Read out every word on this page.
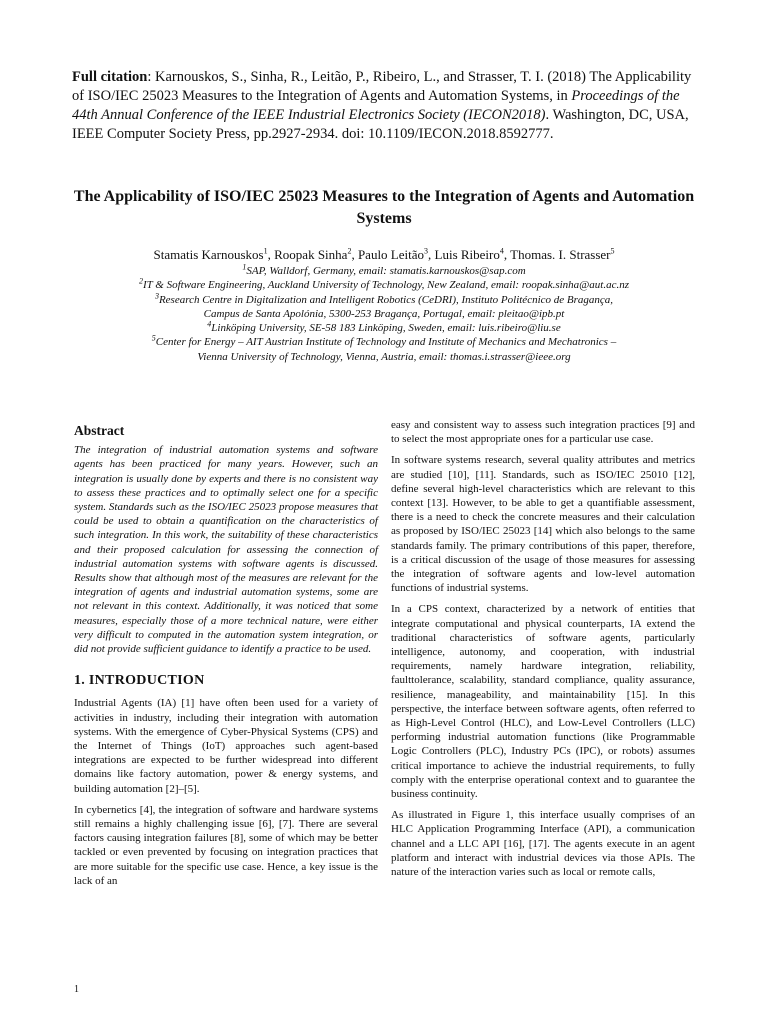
Full citation: Karnouskos, S., Sinha, R., Leitão, P., Ribeiro, L., and Strasser, T. I. (2018) The Applicability of ISO/IEC 25023 Measures to the Integration of Agents and Automation Systems, in Proceedings of the 44th Annual Conference of the IEEE Industrial Electronics Society (IECON2018). Washington, DC, USA, IEEE Computer Society Press, pp.2927-2934. doi: 10.1109/IECON.2018.8592777.
The Applicability of ISO/IEC 25023 Measures to the Integration of Agents and Automation Systems
Stamatis Karnouskos$^1$, Roopak Sinha$^2$, Paulo Leitão$^3$, Luis Ribeiro$^4$, Thomas. I. Strasser$^5$
$^1$SAP, Walldorf, Germany, email: stamatis.karnouskos@sap.com
$^2$IT & Software Engineering, Auckland University of Technology, New Zealand, email: roopak.sinha@aut.ac.nz
$^3$Research Centre in Digitalization and Intelligent Robotics (CeDRI), Instituto Politécnico de Bragança,
Campus de Santa Apolónia, 5300-253 Bragança, Portugal, email: pleitao@ipb.pt
$^4$Linköping University, SE-58 183 Linköping, Sweden, email: luis.ribeiro@liu.se
$^5$Center for Energy – AIT Austrian Institute of Technology and Institute of Mechanics and Mechatronics –
Vienna University of Technology, Vienna, Austria, email: thomas.i.strasser@ieee.org
Abstract

The integration of industrial automation systems and software agents has been practiced for many years. However, such an integration is usually done by experts and there is no consistent way to assess these practices and to optimally select one for a specific system. Standards such as the ISO/IEC 25023 propose measures that could be used to obtain a quantification on the characteristics of such integration. In this work, the suitability of these characteristics and their proposed calculation for assessing the connection of industrial automation systems with software agents is discussed. Results show that although most of the measures are relevant for the integration of agents and industrial automation systems, some are not relevant in this context. Additionally, it was noticed that some measures, especially those of a more technical nature, were either very difficult to computed in the automation system integration, or did not provide sufficient guidance to identify a practice to be used.

1. INTRODUCTION

Industrial Agents (IA) [1] have often been used for a variety of activities in industry, including their integration with automation systems. With the emergence of Cyber-Physical Systems (CPS) and the Internet of Things (IoT) approaches such agent-based integrations are expected to be further widespread into different domains like factory automation, power & energy systems, and building automation [2]–[5].

In cybernetics [4], the integration of software and hardware systems still remains a highly challenging issue [6], [7]. There are several factors causing integration failures [8], some of which may be better tackled or even prevented by focusing on integration practices that are more suitable for the specific use case. Hence, a key issue is the lack of an

easy and consistent way to assess such integration practices [9] and to select the most appropriate ones for a particular use case.

In software systems research, several quality attributes and metrics are studied [10], [11]. Standards, such as ISO/IEC 25010 [12], define several high-level characteristics which are relevant to this context [13]. However, to be able to get a quantifiable assessment, there is a need to check the concrete measures and their calculation as proposed by ISO/IEC 25023 [14] which also belongs to the same standards family. The primary contributions of this paper, therefore, is a critical discussion of the usage of those measures for assessing the integration of software agents and low-level automation functions of industrial systems.

In a CPS context, characterized by a network of entities that integrate computational and physical counterparts, IA extend the traditional characteristics of software agents, particularly intelligence, autonomy, and cooperation, with industrial requirements, namely hardware integration, reliability, faulttolerance, scalability, standard compliance, quality assurance, resilience, manageability, and maintainability [15]. In this perspective, the interface between software agents, often referred to as High-Level Control (HLC), and Low-Level Controllers (LLC) performing industrial automation functions (like Programmable Logic Controllers (PLC), Industry PCs (IPC), or robots) assumes critical importance to achieve the industrial requirements, to fully comply with the enterprise operational context and to guarantee the business continuity.

As illustrated in Figure 1, this interface usually comprises of an HLC Application Programming Interface (API), a communication channel and a LLC API [16], [17]. The agents execute in an agent platform and interact with industrial devices via those APIs. The nature of the interaction varies such as local or remote calls,

1
